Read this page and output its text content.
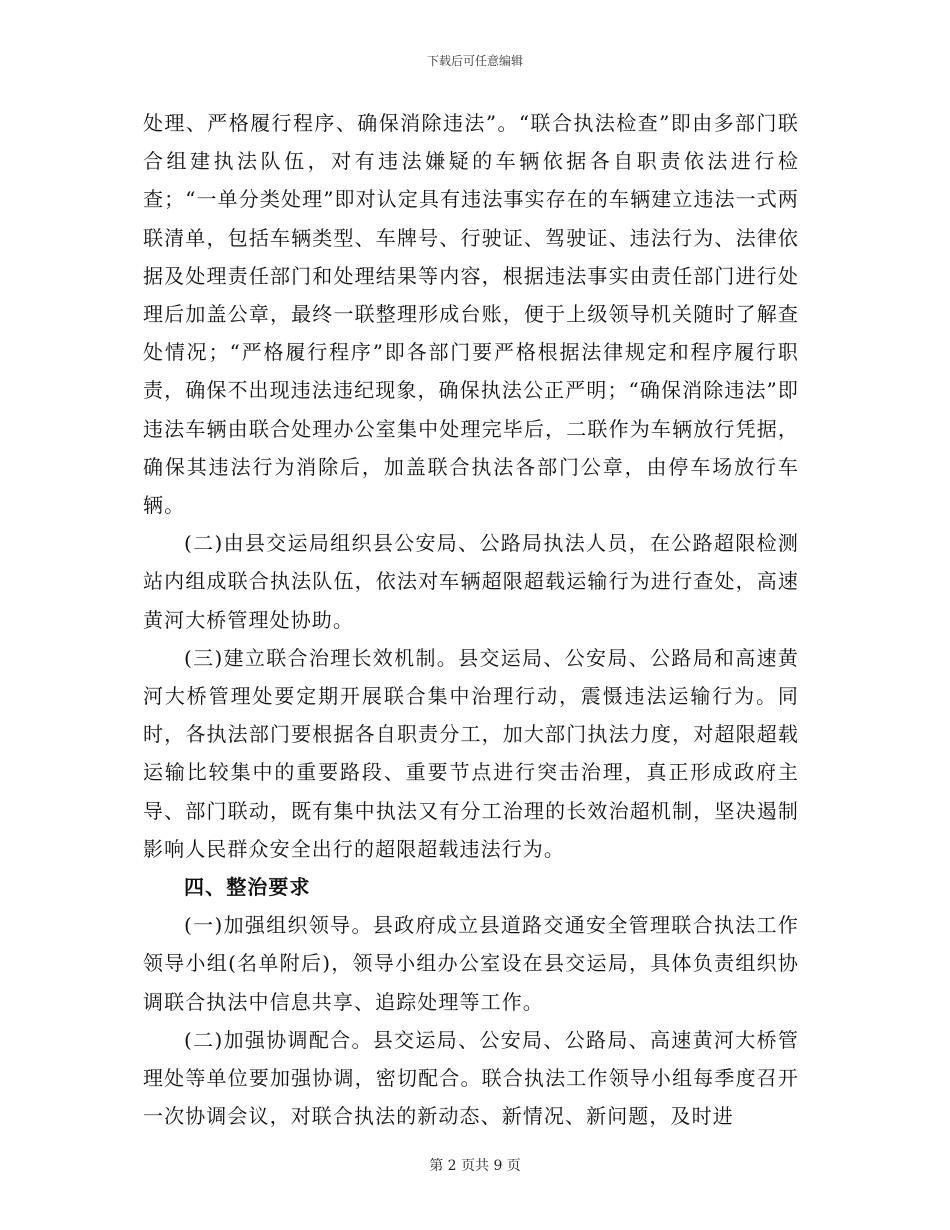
下载后可任意编辑

处理、严格履行程序、确保消除违法”。“联合执法检查”即由多部门联合组建执法队伍，对有违法嫌疑的车辆依据各自职责依法进行检查；“一单分类处理”即对认定具有违法事实存在的车辆建立违法一式两联清单，包括车辆类型、车牌号、行驶证、驾驶证、违法行为、法律依据及处理责任部门和处理结果等内容，根据违法事实由责任部门进行处理后加盖公章，最终一联整理形成台账，便于上级领导机关随时了解查处情况；“严格履行程序”即各部门要严格根据法律规定和程序履行职责，确保不出现违法违纪现象，确保执法公正严明；“确保消除违法”即违法车辆由联合处理办公室集中处理完毕后，二联作为车辆放行凭据，确保其违法行为消除后，加盖联合执法各部门公章，由停车场放行车辆。

(二)由县交运局组织县公安局、公路局执法人员，在公路超限检测站内组成联合执法队伍，依法对车辆超限超载运输行为进行查处，高速黄河大桥管理处协助。

(三)建立联合治理长效机制。县交运局、公安局、公路局和高速黄河大桥管理处要定期开展联合集中治理行动，震慑违法运输行为。同时，各执法部门要根据各自职责分工，加大部门执法力度，对超限超载运输比较集中的重要路段、重要节点进行突击治理，真正形成政府主导、部门联动，既有集中执法又有分工治理的长效治超机制，坚决遏制影响人民群众安全出行的超限超载违法行为。

四、整治要求

(一)加强组织领导。县政府成立县道路交通安全管理联合执法工作领导小组(名单附后)，领导小组办公室设在县交运局，具体负责组织协调联合执法中信息共享、追踪处理等工作。

(二)加强协调配合。县交运局、公安局、公路局、高速黄河大桥管理处等单位要加强协调，密切配合。联合执法工作领导小组每季度召开一次协调会议，对联合执法的新动态、新情况、新问题，及时进

第 2 页共 9 页
